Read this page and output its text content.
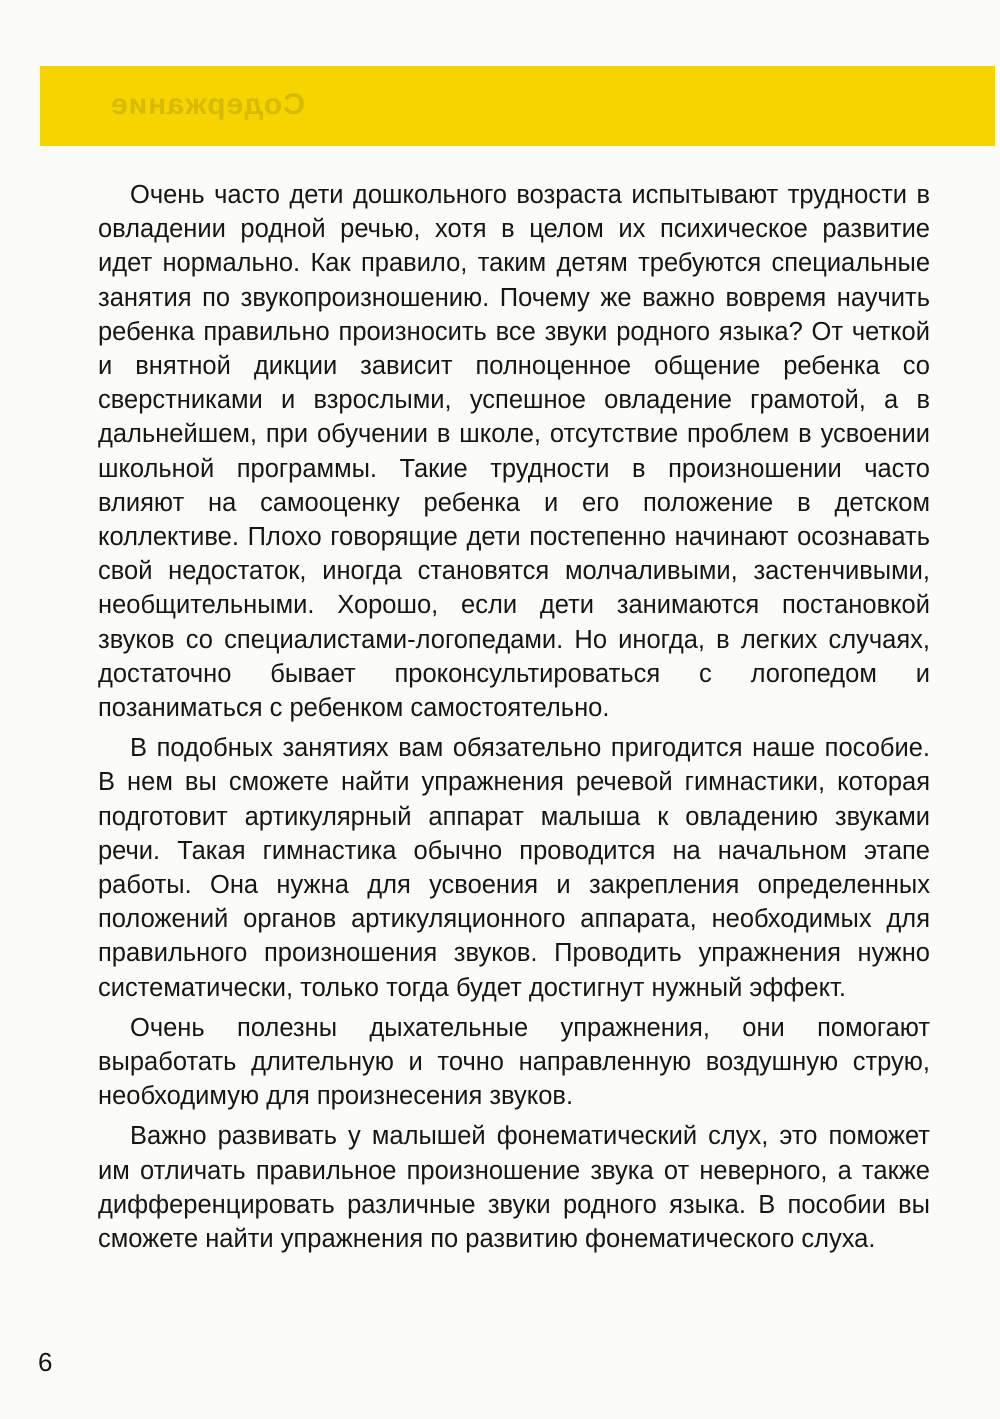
Содержание

Очень часто дети дошкольного возраста испытывают трудности в овладении родной речью, хотя в целом их психическое развитие идет нормально. Как правило, таким детям требуются специальные занятия по звукопроизношению. Почему же важно вовремя научить ребенка правильно произносить все звуки родного языка? От четкой и внятной дикции зависит полноценное общение ребенка со сверстниками и взрослыми, успешное овладение грамотой, а в дальнейшем, при обучении в школе, отсутствие проблем в усвоении школьной программы. Такие трудности в произношении часто влияют на самооценку ребенка и его положение в детском коллективе. Плохо говорящие дети постепенно начинают осознавать свой недостаток, иногда становятся молчаливыми, застенчивыми, необщительными. Хорошо, если дети занимаются постановкой звуков со специалистами-логопедами. Но иногда, в легких случаях, достаточно бывает проконсультироваться с логопедом и позаниматься с ребенком самостоятельно.

В подобных занятиях вам обязательно пригодится наше пособие. В нем вы сможете найти упражнения речевой гимнастики, которая подготовит артикулярный аппарат малыша к овладению звуками речи. Такая гимнастика обычно проводится на начальном этапе работы. Она нужна для усвоения и закрепления определенных положений органов артикуляционного аппарата, необходимых для правильного произношения звуков. Проводить упражнения нужно систематически, только тогда будет достигнут нужный эффект.

Очень полезны дыхательные упражнения, они помогают выработать длительную и точно направленную воздушную струю, необходимую для произнесения звуков.

Важно развивать у малышей фонематический слух, это поможет им отличать правильное произношение звука от неверного, а также дифференцировать различные звуки родного языка. В пособии вы сможете найти упражнения по развитию фонематического слуха.

6
